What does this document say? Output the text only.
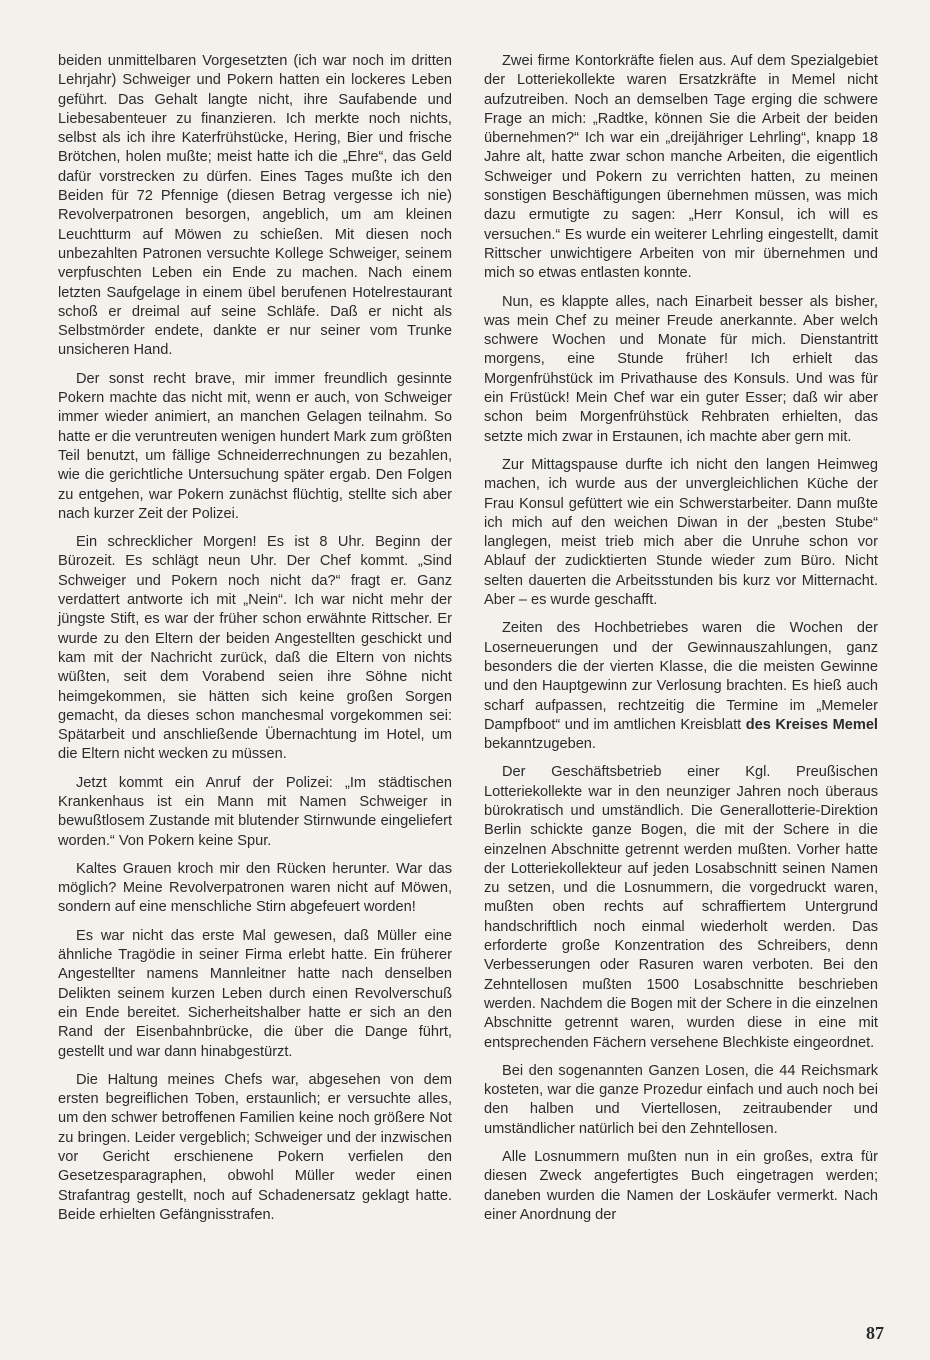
beiden unmittelbaren Vorgesetzten (ich war noch im dritten Lehrjahr) Schweiger und Pokern hatten ein lockeres Leben geführt. Das Gehalt langte nicht, ihre Saufabende und Liebesabenteuer zu finanzieren. Ich merkte noch nichts, selbst als ich ihre Katerfrühstücke, Hering, Bier und frische Brötchen, holen mußte; meist hatte ich die „Ehre“, das Geld dafür vorstrecken zu dürfen. Eines Tages mußte ich den Beiden für 72 Pfennige (diesen Betrag vergesse ich nie) Revolverpatronen besorgen, angeblich, um am kleinen Leuchtturm auf Möwen zu schießen. Mit diesen noch unbezahlten Patronen versuchte Kollege Schweiger, seinem verpfuschten Leben ein Ende zu machen. Nach einem letzten Saufgelage in einem übel berufenen Hotelrestaurant schoß er dreimal auf seine Schläfe. Daß er nicht als Selbstmörder endete, dankte er nur seiner vom Trunke unsicheren Hand.

Der sonst recht brave, mir immer freundlich gesinnte Pokern machte das nicht mit, wenn er auch, von Schweiger immer wieder animiert, an manchen Gelagen teilnahm. So hatte er die veruntreuten wenigen hundert Mark zum größten Teil benutzt, um fällige Schneiderrechnungen zu bezahlen, wie die gerichtliche Untersuchung später ergab. Den Folgen zu entgehen, war Pokern zunächst flüchtig, stellte sich aber nach kurzer Zeit der Polizei.

Ein schrecklicher Morgen! Es ist 8 Uhr. Beginn der Bürozeit. Es schlägt neun Uhr. Der Chef kommt. „Sind Schweiger und Pokern noch nicht da?“ fragt er. Ganz verdattert antworte ich mit „Nein“. Ich war nicht mehr der jüngste Stift, es war der früher schon erwähnte Rittscher. Er wurde zu den Eltern der beiden Angestellten geschickt und kam mit der Nachricht zurück, daß die Eltern von nichts wüßten, seit dem Vorabend seien ihre Söhne nicht heimgekommen, sie hätten sich keine großen Sorgen gemacht, da dieses schon manchesmal vorgekommen sei: Spätarbeit und anschließende Übernachtung im Hotel, um die Eltern nicht wecken zu müssen.

Jetzt kommt ein Anruf der Polizei: „Im städtischen Krankenhaus ist ein Mann mit Namen Schweiger in bewußtlosem Zustande mit blutender Stirnwunde eingeliefert worden.“ Von Pokern keine Spur.

Kaltes Grauen kroch mir den Rücken herunter. War das möglich? Meine Revolverpatronen waren nicht auf Möwen, sondern auf eine menschliche Stirn abgefeuert worden!

Es war nicht das erste Mal gewesen, daß Müller eine ähnliche Tragödie in seiner Firma erlebt hatte. Ein früherer Angestellter namens Mannleitner hatte nach denselben Delikten seinem kurzen Leben durch einen Revolverschuß ein Ende bereitet. Sicherheitshalber hatte er sich an den Rand der Eisenbahnbrücke, die über die Dange führt, gestellt und war dann hinabgestürzt.

Die Haltung meines Chefs war, abgesehen von dem ersten begreiflichen Toben, erstaunlich; er versuchte alles, um den schwer betroffenen Familien keine noch größere Not zu bringen. Leider vergeblich; Schweiger und der inzwischen vor Gericht erschienene Pokern verfielen den Gesetzesparagraphen, obwohl Müller weder einen Strafantrag gestellt, noch auf Schadenersatz geklagt hatte. Beide erhielten Gefängnisstrafen.

Zwei firme Kontorkräfte fielen aus. Auf dem Spezialgebiet der Lotteriekollekte waren Ersatzkräfte in Memel nicht aufzutreiben. Noch an demselben Tage erging die schwere Frage an mich: „Radtke, können Sie die Arbeit der beiden übernehmen?“ Ich war ein „dreijähriger Lehrling“, knapp 18 Jahre alt, hatte zwar schon manche Arbeiten, die eigentlich Schweiger und Pokern zu verrichten hatten, zu meinen sonstigen Beschäftigungen übernehmen müssen, was mich dazu ermutigte zu sagen: „Herr Konsul, ich will es versuchen.“ Es wurde ein weiterer Lehrling eingestellt, damit Rittscher unwichtigere Arbeiten von mir übernehmen und mich so etwas entlasten konnte.

Nun, es klappte alles, nach Einarbeit besser als bisher, was mein Chef zu meiner Freude anerkannte. Aber welch schwere Wochen und Monate für mich. Dienstantritt morgens, eine Stunde früher! Ich erhielt das Morgenfrühstück im Privathause des Konsuls. Und was für ein Früstück! Mein Chef war ein guter Esser; daß wir aber schon beim Morgenfrühstück Rehbraten erhielten, das setzte mich zwar in Erstaunen, ich machte aber gern mit.

Zur Mittagspause durfte ich nicht den langen Heimweg machen, ich wurde aus der unvergleichlichen Küche der Frau Konsul gefüttert wie ein Schwerstarbeiter. Dann mußte ich mich auf den weichen Diwan in der „besten Stube“ langlegen, meist trieb mich aber die Unruhe schon vor Ablauf der zudicktierten Stunde wieder zum Büro. Nicht selten dauerten die Arbeitsstunden bis kurz vor Mitternacht. Aber – es wurde geschafft.

Zeiten des Hochbetriebes waren die Wochen der Loserneuerungen und der Gewinnauszahlungen, ganz besonders die der vierten Klasse, die die meisten Gewinne und den Hauptgewinn zur Verlosung brachten. Es hieß auch scharf aufpassen, rechtzeitig die Termine im „Memeler Dampfboot“ und im amtlichen Kreisblatt des Kreises Memel bekanntzugeben.

Der Geschäftsbetrieb einer Kgl. Preußischen Lotteriekollekte war in den neunziger Jahren noch überaus bürokratisch und umständlich. Die Generallotterie-Direktion Berlin schickte ganze Bogen, die mit der Schere in die einzelnen Abschnitte getrennt werden mußten. Vorher hatte der Lotteriekollekteur auf jeden Losabschnitt seinen Namen zu setzen, und die Losnummern, die vorgedruckt waren, mußten oben rechts auf schraffiertem Untergrund handschriftlich noch einmal wiederholt werden. Das erforderte große Konzentration des Schreibers, denn Verbesserungen oder Rasuren waren verboten. Bei den Zehntellosen mußten 1500 Losabschnitte beschrieben werden. Nachdem die Bogen mit der Schere in die einzelnen Abschnitte getrennt waren, wurden diese in eine mit entsprechenden Fächern versehene Blechkiste eingeordnet.

Bei den sogenannten Ganzen Losen, die 44 Reichsmark kosteten, war die ganze Prozedur einfach und auch noch bei den halben und Viertellosen, zeitraubender und umständlicher natürlich bei den Zehntellosen.

Alle Losnummern mußten nun in ein großes, extra für diesen Zweck angefertigtes Buch eingetragen werden; daneben wurden die Namen der Loskäufer vermerkt. Nach einer Anordnung der

87
